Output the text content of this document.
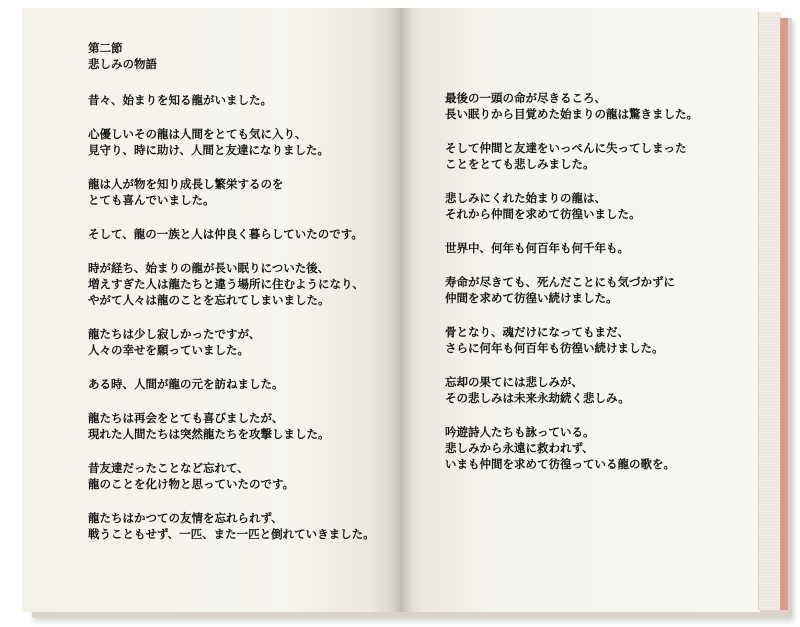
第二節
悲しみの物語
昔々、始まりを知る龍がいました。
心優しいその龍は人間をとても気に入り、
見守り、時に助け、人間と友達になりました。
龍は人が物を知り成長し繁栄するのを
とても喜んでいました。
そして、龍の一族と人は仲良く暮らしていたのです。
時が経ち、始まりの龍が長い眠りについた後、
増えすぎた人は龍たちと違う場所に住むようになり、
やがて人々は龍のことを忘れてしまいました。
龍たちは少し寂しかったですが、
人々の幸せを願っていました。
ある時、人間が龍の元を訪ねました。
龍たちは再会をとても喜びましたが、
現れた人間たちは突然龍たちを攻撃しました。
昔友達だったことなど忘れて、
龍のことを化け物と思っていたのです。
龍たちはかつての友情を忘れられず、
戦うこともせず、一匹、また一匹と倒れていきました。
最後の一頭の命が尽きるころ、
長い眠りから目覚めた始まりの龍は驚きました。
そして仲間と友達をいっぺんに失ってしまった
ことをとても悲しみました。
悲しみにくれた始まりの龍は、
それから仲間を求めて彷徨いました。
世界中、何年も何百年も何千年も。
寿命が尽きても、死んだことにも気づかずに
仲間を求めて彷徨い続けました。
骨となり、魂だけになってもまだ、
さらに何年も何百年も彷徨い続けました。
忘却の果てには悲しみが、
その悲しみは未来永劫続く悲しみ。
吟遊詩人たちも詠っている。
悲しみから永遠に救われず、
いまも仲間を求めて彷徨っている龍の歌を。
